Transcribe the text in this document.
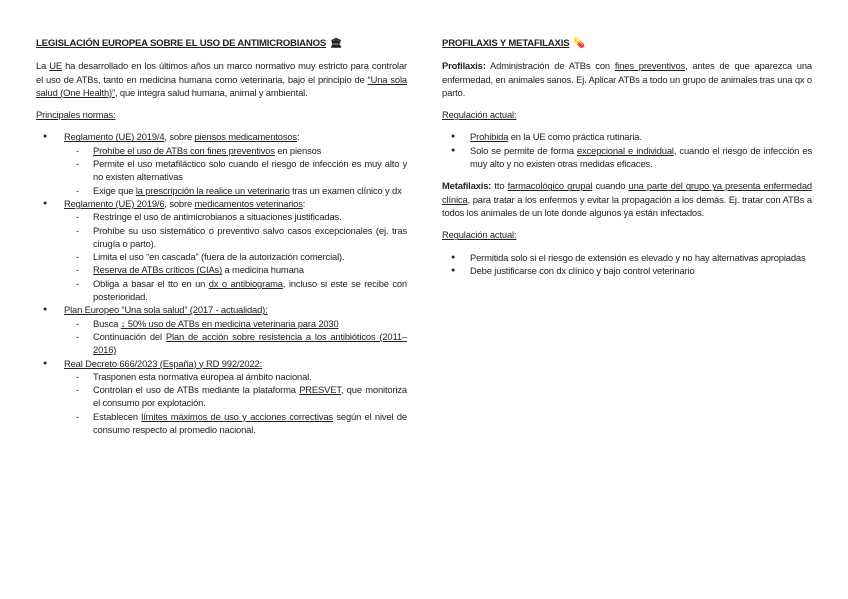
LEGISLACIÓN EUROPEA SOBRE EL USO DE ANTIMICROBIANOS 🏛

La UE ha desarrollado en los últimos años un marco normativo muy estricto para controlar el uso de ATBs, tanto en medicina humana como veterinaria, bajo el principio de “Una sola salud (One Health)”, que integra salud humana, animal y ambiental.

Principales normas:
● Reglamento (UE) 2019/4, sobre piensos medicamentosos:
- Prohíbe el uso de ATBs con fines preventivos en piensos
- Permite el uso metafiláctico solo cuando el riesgo de infección es muy alto y no existen alternativas
- Exige que la prescripción la realice un veterinario tras un examen clínico y dx
● Reglamento (UE) 2019/6, sobre medicamentos veterinarios:
- Restringe el uso de antimicrobianos a situaciones justificadas.
- Prohíbe su uso sistemático o preventivo salvo casos excepcionales (ej. tras cirugía o parto).
- Limita el uso “en cascada” (fuera de la autorización comercial).
- Reserva de ATBs críticos (CIAs) a medicina humana
- Obliga a basar el tto en un dx o antibiograma, incluso si este se recibe con posterioridad.
● Plan Europeo “Una sola salud” (2017 - actualidad):
- Busca ↓ 50% uso de ATBs en medicina veterinaria para 2030
- Continuación del Plan de acción sobre resistencia a los antibióticos (2011–2016)
● Real Decreto 666/2023 (España) y RD 992/2022:
- Trasponen esta normativa europea al ámbito nacional.
- Controlan el uso de ATBs mediante la plataforma PRESVET, que monitoriza el consumo por explotación.
- Establecen límites máximos de uso y acciones correctivas según el nivel de consumo respecto al promedio nacional.
PROFILAXIS Y METAFILAXIS 💊

Profilaxis: Administración de ATBs con fines preventivos, antes de que aparezca una enfermedad, en animales sanos. Ej. Aplicar ATBs a todo un grupo de animales tras una qx o parto.

Regulación actual:
● Prohibida en la UE como práctica rutinaria.
● Solo se permite de forma excepcional e individual, cuando el riesgo de infección es muy alto y no existen otras medidas eficaces.

Metafilaxis: tto farmacológico grupal cuando una parte del grupo ya presenta enfermedad clínica, para tratar a los enfermos y evitar la propagación a los demás. Ej. tratar con ATBs a todos los animales de un lote donde algunos ya están infectados.

Regulación actual:
● Permitida solo si el riesgo de extensión es elevado y no hay alternativas apropiadas
● Debe justificarse con dx clínico y bajo control veterinario
